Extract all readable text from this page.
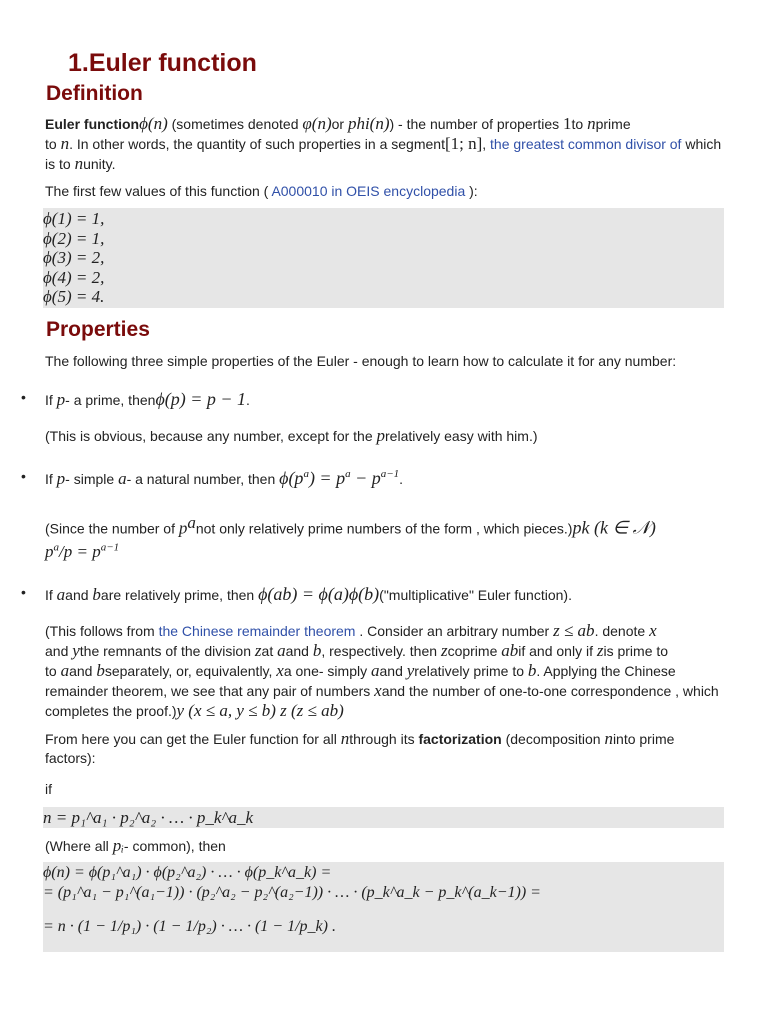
1.Euler function
Definition

Euler functionϕ(n) (sometimes denoted φ(n)or phi(n)) - the number of properties 1to nprime
to n. In other words, the quantity of such properties in a segment[1; n], the greatest common divisor of which is to nunity.

The first few values of this function ( A000010 in OEIS encyclopedia ):

ϕ(1) = 1,
ϕ(2) = 1,
ϕ(3) = 2,
ϕ(4) = 2,
ϕ(5) = 4.
Properties

The following three simple properties of the Euler - enough to learn how to calculate it for any number:

• If p- a prime, thenϕ(p) = p − 1.

(This is obvious, because any number, except for the prelatively easy with him.)

• If p- simple a- a natural number, then $\phi(p^a) = p^a - p^{a-1}$.

(Since the number of $p^anot$ only relatively prime numbers of the form , which pieces.)pk (k ∈ 𝒩)
$p^a/p = p^{a-1}$

• If aand bare relatively prime, then ϕ(ab) = ϕ(a)ϕ(b)("multiplicative" Euler function).

(This follows from the Chinese remainder theorem . Consider an arbitrary number z ≤ ab. denote x
and ythe remnants of the division zat aand b, respectively. then zcoprime abif and only if zis prime to
to aand bseparately, or, equivalently, xa one- simply aand yrelatively prime to b. Applying the Chinese remainder theorem, we see that any pair of numbers xand the number of one-to-one correspondence , which completes the proof.)y (x ≤ a, y ≤ b) z (z ≤ ab)

From here you can get the Euler function for all nthrough its factorization (decomposition ninto prime factors):

if

n = p₁^a₁ · p₂^a₂ · … · p_k^a_k

(Where all pᵢ- common), then

ϕ(n) = ϕ(p₁^a₁) · ϕ(p₂^a₂) · … · ϕ(p_k^a_k) =
= (p₁^a₁ − p₁^(a₁−1)) · (p₂^a₂ − p₂^(a₂−1)) · … · (p_k^a_k − p_k^(a_k−1)) =
= n · (1 − 1/p₁) · (1 − 1/p₂) · … · (1 − 1/p_k) .
